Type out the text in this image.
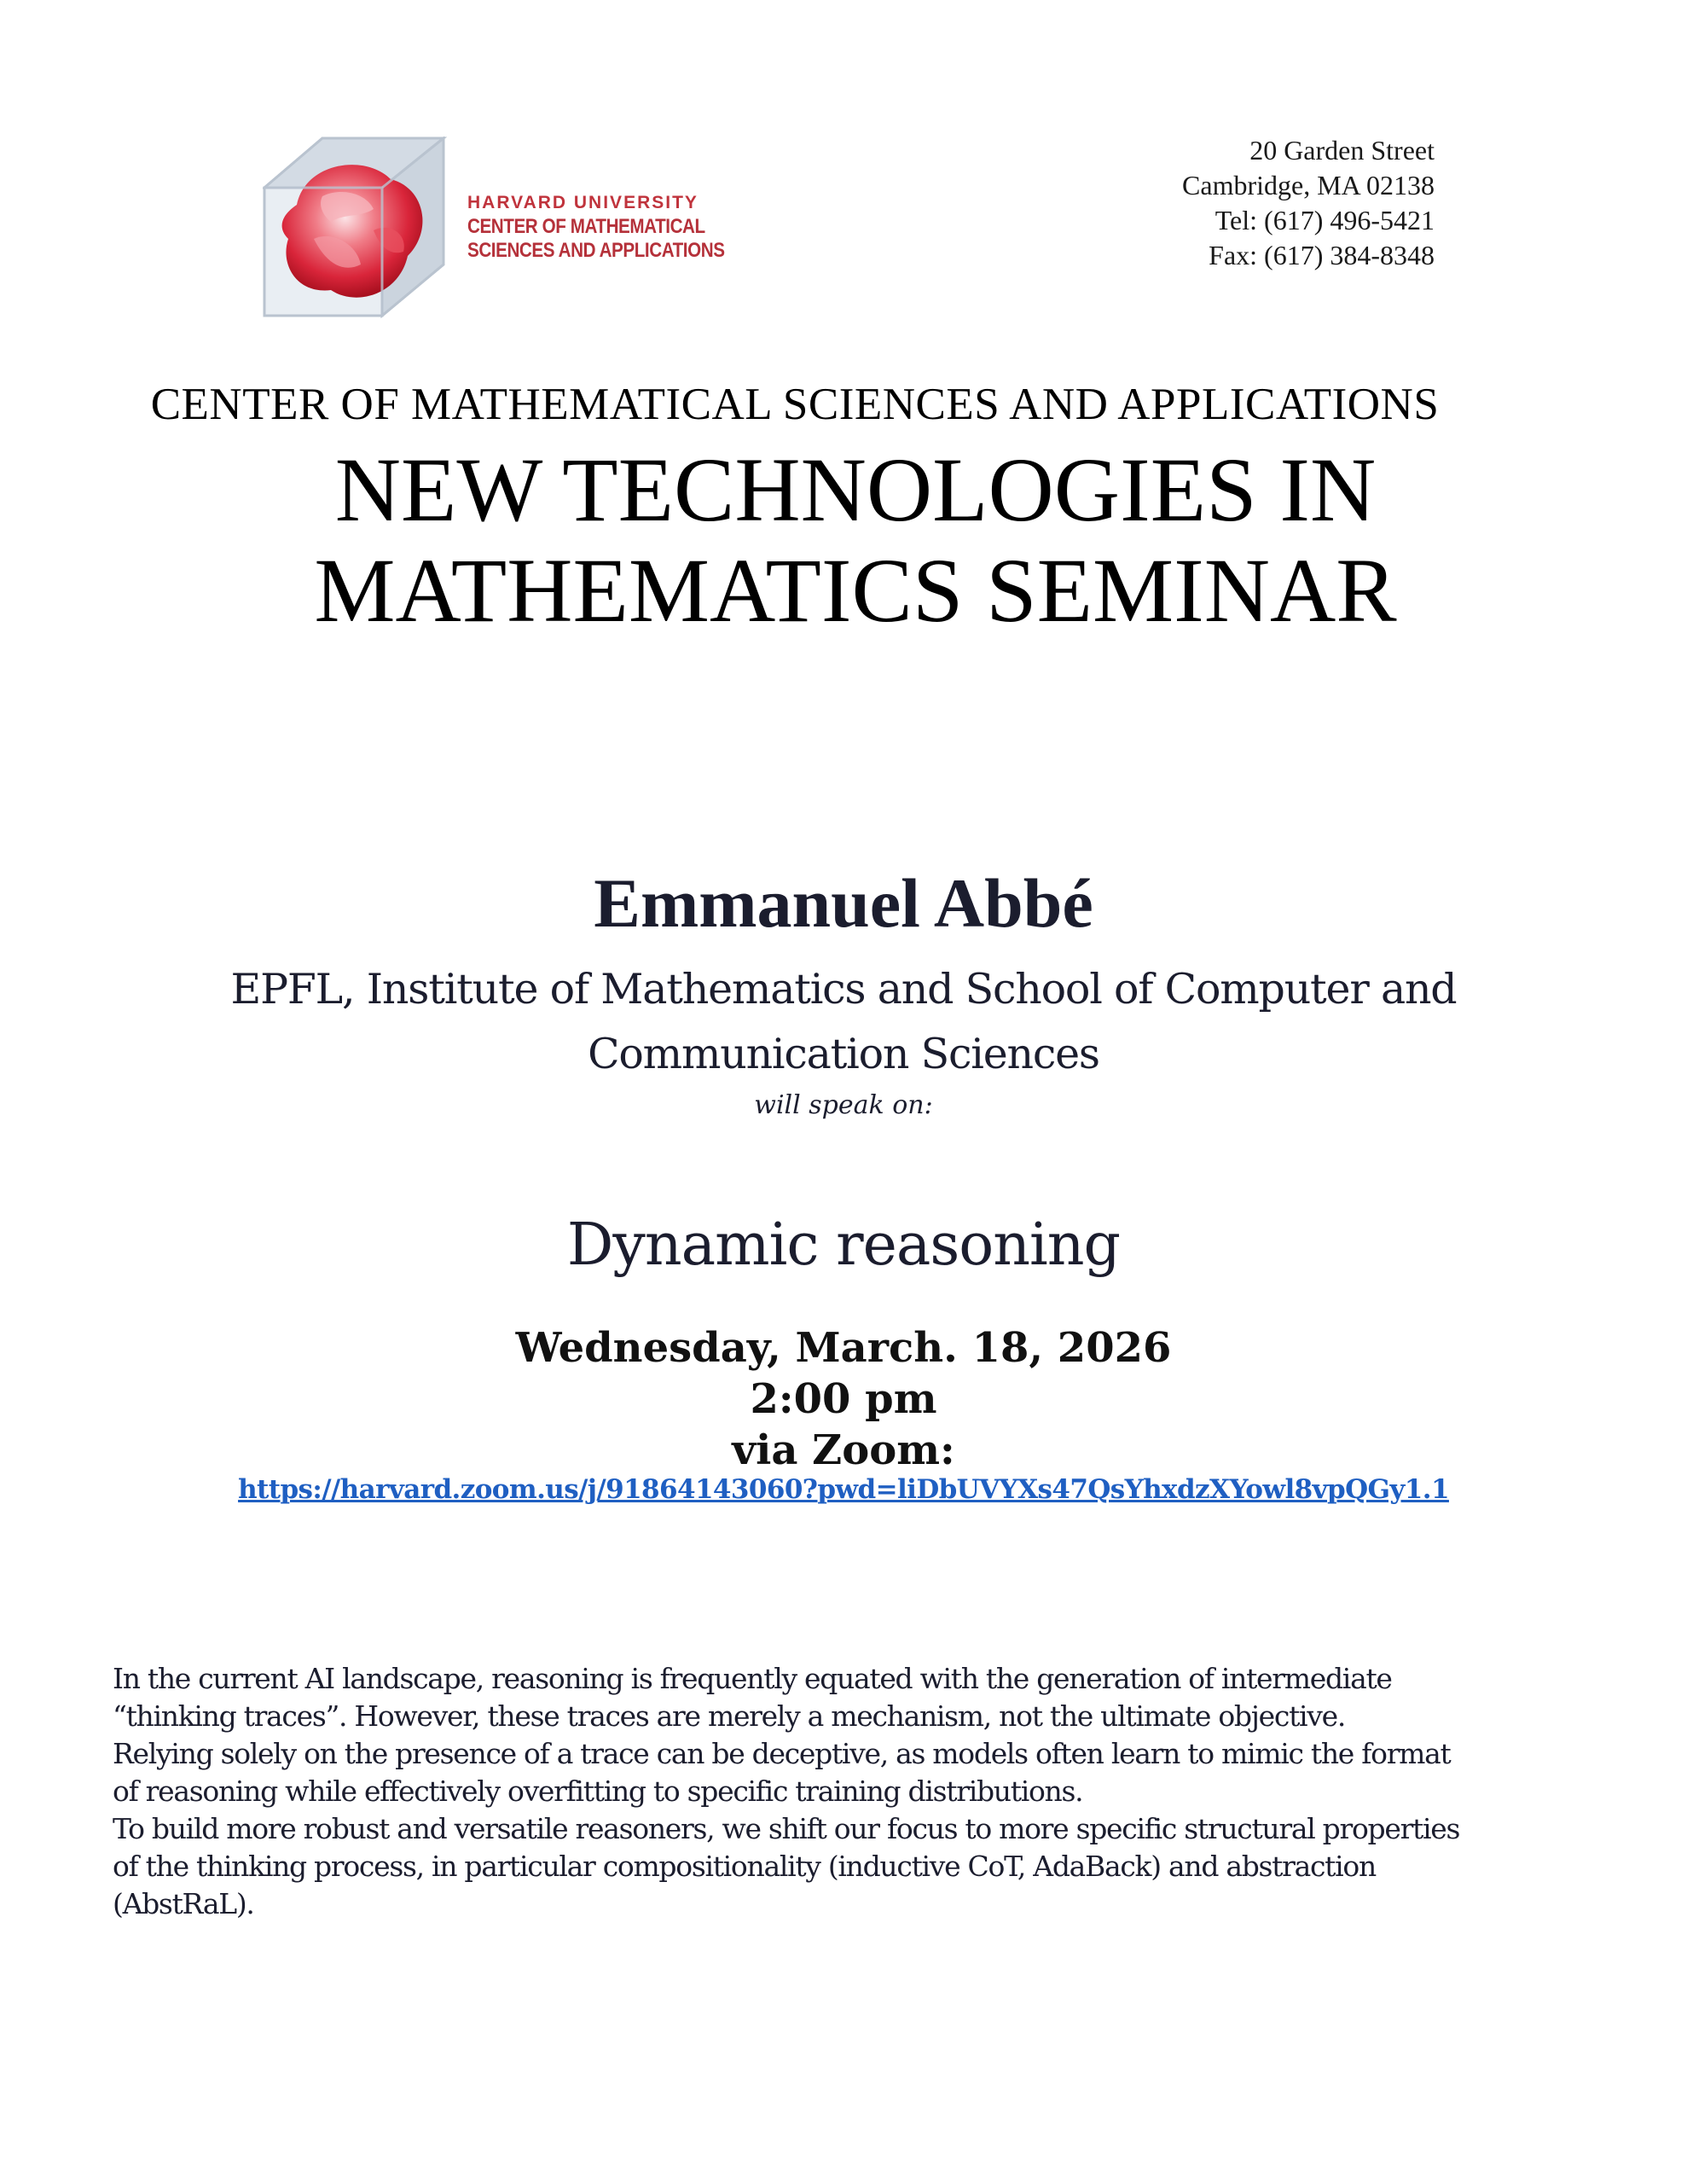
HARVARD UNIVERSITY
CENTER OF MATHEMATICAL
SCIENCES AND APPLICATIONS
20 Garden Street
Cambridge, MA 02138
Tel: (617) 496-5421
Fax: (617) 384-8348
CENTER OF MATHEMATICAL SCIENCES AND APPLICATIONS
NEW TECHNOLOGIES IN
MATHEMATICS SEMINAR
Emmanuel Abbé
EPFL, Institute of Mathematics and School of Computer and
Communication Sciences
will speak on:
Dynamic reasoning
Wednesday, March. 18, 2026
2:00 pm
via Zoom:
https://harvard.zoom.us/j/91864143060?pwd=liDbUVYXs47QsYhxdzXYowl8vpQGy1.1
In the current AI landscape, reasoning is frequently equated with the generation of intermediate
“thinking traces”. However, these traces are merely a mechanism, not the ultimate objective.
Relying solely on the presence of a trace can be deceptive, as models often learn to mimic the format
of reasoning while effectively overfitting to specific training distributions.
To build more robust and versatile reasoners, we shift our focus to more specific structural properties
of the thinking process, in particular compositionality (inductive CoT, AdaBack) and abstraction
(AbstRaL).
